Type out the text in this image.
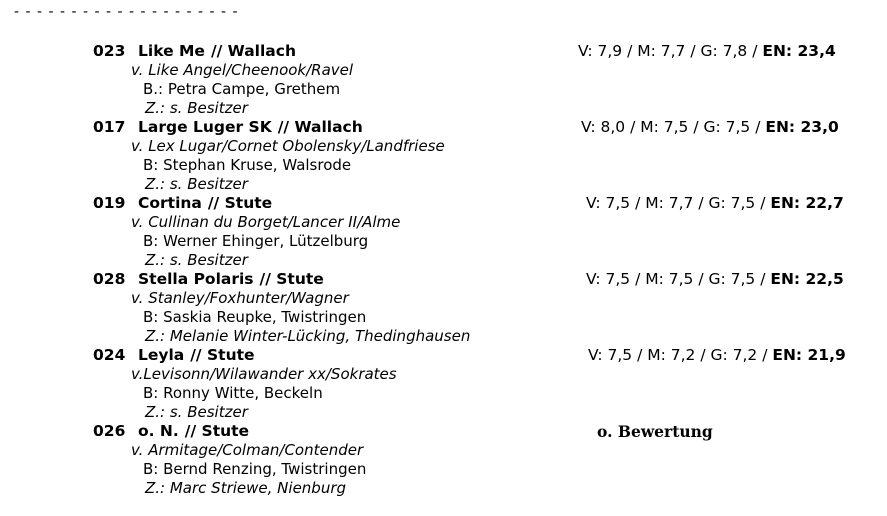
- - - - - - - - - - - - - - - - - - - -
023 Like Me // Wallach
v. Like Angel/Cheenook/Ravel
B.: Petra Campe, Grethem
Z.: s. Besitzer
V: 7,9 / M: 7,7 / G: 7,8 / EN: 23,4
017 Large Luger SK // Wallach
v. Lex Lugar/Cornet Obolensky/Landfriese
B: Stephan Kruse, Walsrode
Z.: s. Besitzer
V: 8,0 / M: 7,5 / G: 7,5 / EN: 23,0
019 Cortina // Stute
v. Cullinan du Borget/Lancer II/Alme
B: Werner Ehinger, Lützelburg
Z.: s. Besitzer
V: 7,5 / M: 7,7 / G: 7,5 / EN: 22,7
028 Stella Polaris // Stute
v. Stanley/Foxhunter/Wagner
B: Saskia Reupke, Twistringen
Z.: Melanie Winter-Lücking, Thedinghausen
V: 7,5 / M: 7,5 / G: 7,5 / EN: 22,5
024 Leyla // Stute
v.Levisonn/Wilawander xx/Sokrates
B: Ronny Witte, Beckeln
Z.: s. Besitzer
V: 7,5 / M: 7,2 / G: 7,2 / EN: 21,9
026 o. N. // Stute
v. Armitage/Colman/Contender
B: Bernd Renzing, Twistringen
Z.: Marc Striewe, Nienburg
o. Bewertung
